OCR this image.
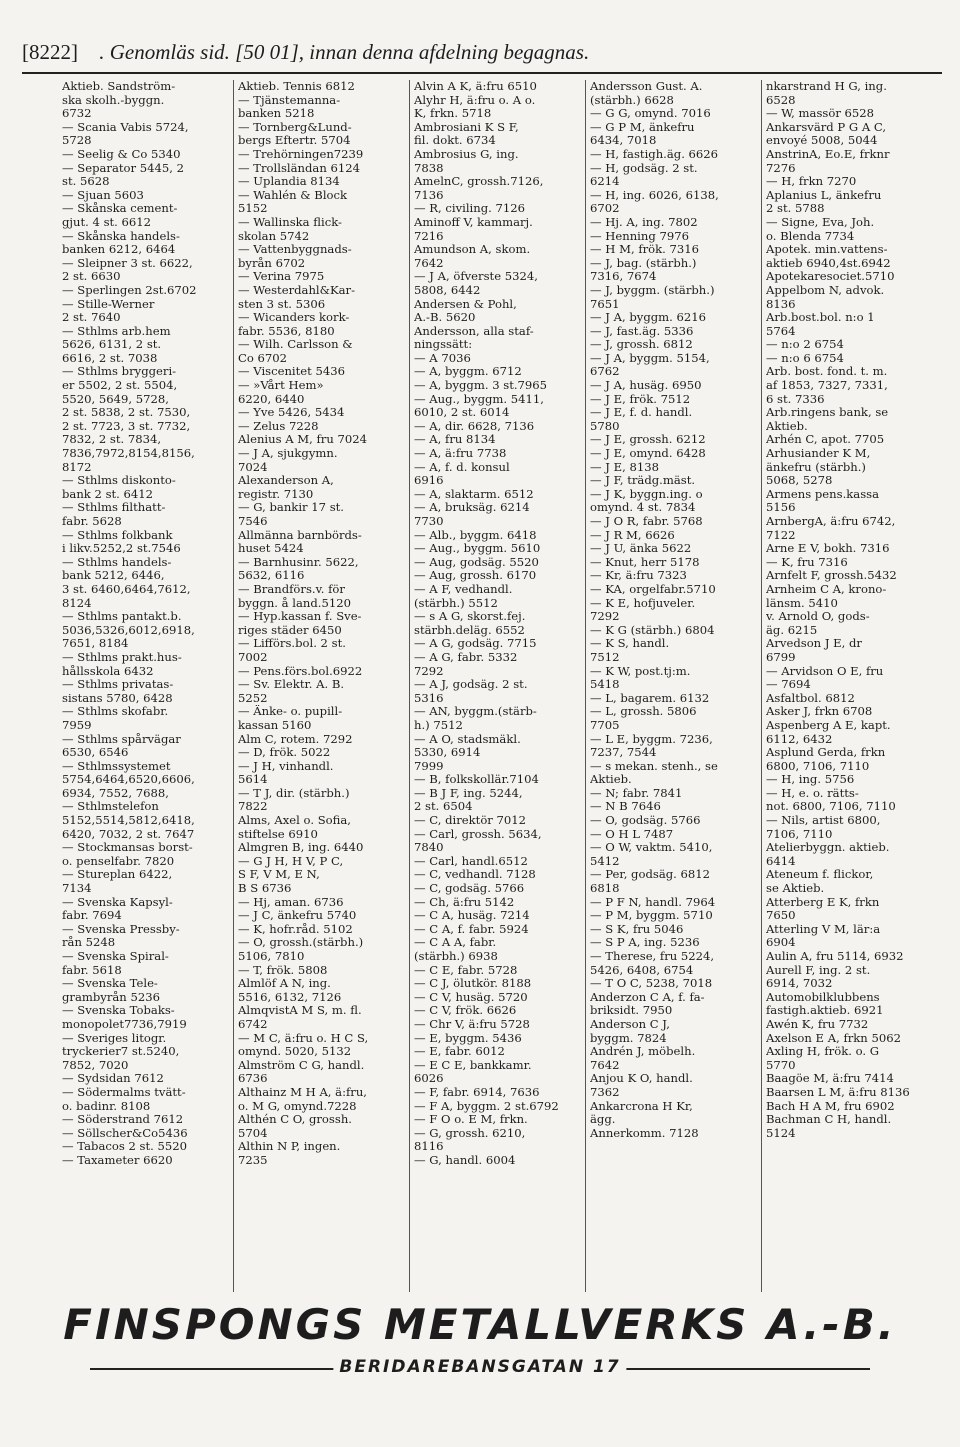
[8222] . Genomläs sid. [50 01], innan denna afdelning begagnas.
Aktieb. Sandström-
ska skolh.-byggn.
6732
— Scania Vabis 5724,
5728
— Seelig & Co 5340
— Separator 5445, 2
st. 5628
— Sjuan 5603
— Skånska cement-
gjut. 4 st. 6612
— Skånska handels-
banken 6212, 6464
— Sleipner 3 st. 6622,
2 st. 6630
— Sperlingen 2st.6702
— Stille-Werner
2 st. 7640
— Sthlms arb.hem
5626, 6131, 2 st.
6616, 2 st. 7038
— Sthlms bryggeri-
er 5502, 2 st. 5504,
5520, 5649, 5728,
2 st. 5838, 2 st. 7530,
2 st. 7723, 3 st. 7732,
7832, 2 st. 7834,
7836,7972,8154,8156,
8172
— Sthlms diskonto-
bank 2 st. 6412
— Sthlms filthatt-
fabr. 5628
— Sthlms folkbank
i likv.5252,2 st.7546
— Sthlms handels-
bank 5212, 6446,
3 st. 6460,6464,7612,
8124
— Sthlms pantakt.b.
5036,5326,6012,6918,
7651, 8184
— Sthlms prakt.hus-
hållsskola 6432
— Sthlms privatas-
sistans 5780, 6428
— Sthlms skofabr.
7959
— Sthlms spårvägar
6530, 6546
— Sthlmssystemet
5754,6464,6520,6606,
6934, 7552, 7688,
— Sthlmstelefon
5152,5514,5812,6418,
6420, 7032, 2 st. 7647
— Stockmansas borst-
o. penselfabr. 7820
— Stureplan 6422,
7134
— Svenska Kapsyl-
fabr. 7694
— Svenska Pressby-
rån 5248
— Svenska Spiral-
fabr. 5618
— Svenska Tele-
grambyrån 5236
— Svenska Tobaks-
monopolet7736,7919
— Sveriges litogr.
tryckerier7 st.5240,
7852, 7020
— Sydsidan 7612
— Södermalms tvätt-
o. badinr. 8108
— Söderstrand 7612
— Söllscher&Co5436
— Tabacos 2 st. 5520
— Taxameter 6620
Aktieb. Tennis 6812
— Tjänstemanna-
banken 5218
— Tornberg&Lund-
bergs Eftertr. 5704
— Trehörningen7239
— Trollsländan 6124
— Uplandia 8134
— Wahlén & Block
5152
— Wallinska flick-
skolan 5742
— Vattenbyggnads-
byrån 6702
— Verina 7975
— Westerdahl&Kar-
sten 3 st. 5306
— Wicanders kork-
fabr. 5536, 8180
— Wilh. Carlsson &
Co 6702
— Viscenitet 5436
— »Vårt Hem»
6220, 6440
— Yve 5426, 5434
— Zelus 7228
Alenius A M, fru 7024
— J A, sjukgymn.
7024
Alexanderson A,
registr. 7130
— G, bankir 17 st.
7546
Allmänna barnbörds-
huset 5424
— Barnhusinr. 5622,
5632, 6116
— Brandförs.v. för
byggn. å land.5120
— Hyp.kassan f. Sve-
riges städer 6450
— Lifförs.bol. 2 st.
7002
— Pens.förs.bol.6922
— Sv. Elektr. A. B.
5252
— Änke- o. pupill-
kassan 5160
Alm C, rotem. 7292
— D, frök. 5022
— J H, vinhandl.
5614
— T J, dir. (stärbh.)
7822
Alms, Axel o. Sofia,
stiftelse 6910
Almgren B, ing. 6440
— G J H, H V, P C,
S F, V M, E N,
B S 6736
— Hj, aman. 6736
— J C, änkefru 5740
— K, hofr.råd. 5102
— O, grossh.(stärbh.)
5106, 7810
— T, frök. 5808
Almlöf A N, ing.
5516, 6132, 7126
AlmqvistA M S, m. fl.
6742
— M C, ä:fru o. H C S,
omynd. 5020, 5132
Almström C G, handl.
6736
Althainz M H A, ä:fru,
o. M G, omynd.7228
Althén C O, grossh.
5704
Althin N P, ingen.
7235
Alvin A K, ä:fru 6510
Alyhr H, ä:fru o. A o.
K, frkn. 5718
Ambrosiani K S F,
fil. dokt. 6734
Ambrosius G, ing.
7838
AmelnC, grossh.7126,
7136
— R, civiling. 7126
Aminoff V, kammarj.
7216
Amundson A, skom.
7642
— J A, öfverste 5324,
5808, 6442
Andersen & Pohl,
A.-B. 5620
Andersson, alla staf-
ningssätt:
— A 7036
— A, byggm. 6712
— A, byggm. 3 st.7965
— Aug., byggm. 5411,
6010, 2 st. 6014
— A, dir. 6628, 7136
— A, fru 8134
— A, ä:fru 7738
— A, f. d. konsul
6916
— A, slaktarm. 6512
— A, bruksäg. 6214
7730
— Alb., byggm. 6418
— Aug., byggm. 5610
— Aug, godsäg. 5520
— Aug, grossh. 6170
— A F, vedhandl.
(stärbh.) 5512
— s A G, skorst.fej.
stärbh.deläg. 6552
— A G, godsäg. 7715
— A G, fabr. 5332
7292
— A J, godsäg. 2 st.
5316
— AN, byggm.(stärb-
h.) 7512
— A O, stadsmäkl.
5330, 6914
7999
— B, folkskollär.7104
— B J F, ing. 5244,
2 st. 6504
— C, direktör 7012
— Carl, grossh. 5634,
7840
— Carl, handl.6512
— C, vedhandl. 7128
— C, godsäg. 5766
— Ch, ä:fru 5142
— C A, husäg. 7214
— C A, f. fabr. 5924
— C A A, fabr.
(stärbh.) 6938
— C E, fabr. 5728
— C J, ölutkör. 8188
— C V, husäg. 5720
— C V, frök. 6626
— Chr V, ä:fru 5728
— E, byggm. 5436
— E, fabr. 6012
— E C E, bankkamr.
6026
— F, fabr. 6914, 7636
— F A, byggm. 2 st.6792
— F O o. E M, frkn.
— G, grossh. 6210,
8116
— G, handl. 6004
Andersson Gust. A.
(stärbh.) 6628
— G G, omynd. 7016
— G P M, änkefru
6434, 7018
— H, fastigh.äg. 6626
— H, godsäg. 2 st.
6214
— H, ing. 6026, 6138,
6702
— Hj. A, ing. 7802
— Henning 7976
— H M, frök. 7316
— J, bag. (stärbh.)
7316, 7674
— J, byggm. (stärbh.)
7651
— J A, byggm. 6216
— J, fast.äg. 5336
— J, grossh. 6812
— J A, byggm. 5154,
6762
— J A, husäg. 6950
— J E, frök. 7512
— J E, f. d. handl.
5780
— J E, grossh. 6212
— J E, omynd. 6428
— J E, 8138
— J F, trädg.mäst.
— J K, byggn.ing. o
omynd. 4 st. 7834
— J O R, fabr. 5768
— J R M, 6626
— J U, änka 5622
— Knut, herr 5178
— Kr, ä:fru 7323
— KA, orgelfabr.5710
— K E, hofjuveler.
7292
— K G (stärbh.) 6804
— K S, handl.
7512
— K W, post.tj:m.
5418
— L, bagarem. 6132
— L, grossh. 5806
7705
— L E, byggm. 7236,
7237, 7544
— s mekan. stenh., se
Aktieb.
— N; fabr. 7841
— N B 7646
— O, godsäg. 5766
— O H L 7487
— O W, vaktm. 5410,
5412
— Per, godsäg. 6812
6818
— P F N, handl. 7964
— P M, byggm. 5710
— S K, fru 5046
— S P A, ing. 5236
— Therese, fru 5224,
5426, 6408, 6754
— T O C, 5238, 7018
Anderzon C A, f. fa-
briksidt. 7950
Anderson C J,
byggm. 7824
Andrén J, möbelh.
7642
Anjou K O, handl.
7362
Ankarcrona H Kr,
ägg.
Annerkomm. 7128
nkarstrand H G, ing.
6528
— W, massör 6528
Ankarsvärd P G A C,
envoyé 5008, 5044
AnstrinA, Eo.E, frknr
7276
— H, frkn 7270
Aplanius L, änkefru
2 st. 5788
— Signe, Eva, Joh.
o. Blenda 7734
Apotek. min.vattens-
aktieb 6940,4st.6942
Apotekaresociet.5710
Appelbom N, advok.
8136
Arb.bost.bol. n:o 1
5764
— n:o 2 6754
— n:o 6 6754
Arb. bost. fond. t. m.
af 1853, 7327, 7331,
6 st. 7336
Arb.ringens bank, se
Aktieb.
Arhén C, apot. 7705
Arhusiander K M,
änkefru (stärbh.)
5068, 5278
Armens pens.kassa
5156
ArnbergA, ä:fru 6742,
7122
Arne E V, bokh. 7316
— K, fru 7316
Arnfelt F, grossh.5432
Arnheim C A, krono-
länsm. 5410
v. Arnold O, gods-
äg. 6215
Arvedson J E, dr
6799
— Arvidson O E, fru
— 7694
Asfaltbol. 6812
Asker J, frkn 6708
Aspenberg A E, kapt.
6112, 6432
Asplund Gerda, frkn
6800, 7106, 7110
— H, ing. 5756
— H, e. o. rätts-
not. 6800, 7106, 7110
— Nils, artist 6800,
7106, 7110
Atelierbyggn. aktieb.
6414
Ateneum f. flickor,
se Aktieb.
Atterberg E K, frkn
7650
Atterling V M, lär:a
6904
Aulin A, fru 5114, 6932
Aurell F, ing. 2 st.
6914, 7032
Automobilklubbens
fastigh.aktieb. 6921
Awén K, fru 7732
Axelson E A, frkn 5062
Axling H, frök. o. G
5770
Baagöe M, ä:fru 7414
Baarsen L M, ä:fru 8136
Bach H A M, fru 6902
Bachman C H, handl.
5124
FINSPONGS METALLVERKS A.-B.
BERIDAREBANSGATAN 17
